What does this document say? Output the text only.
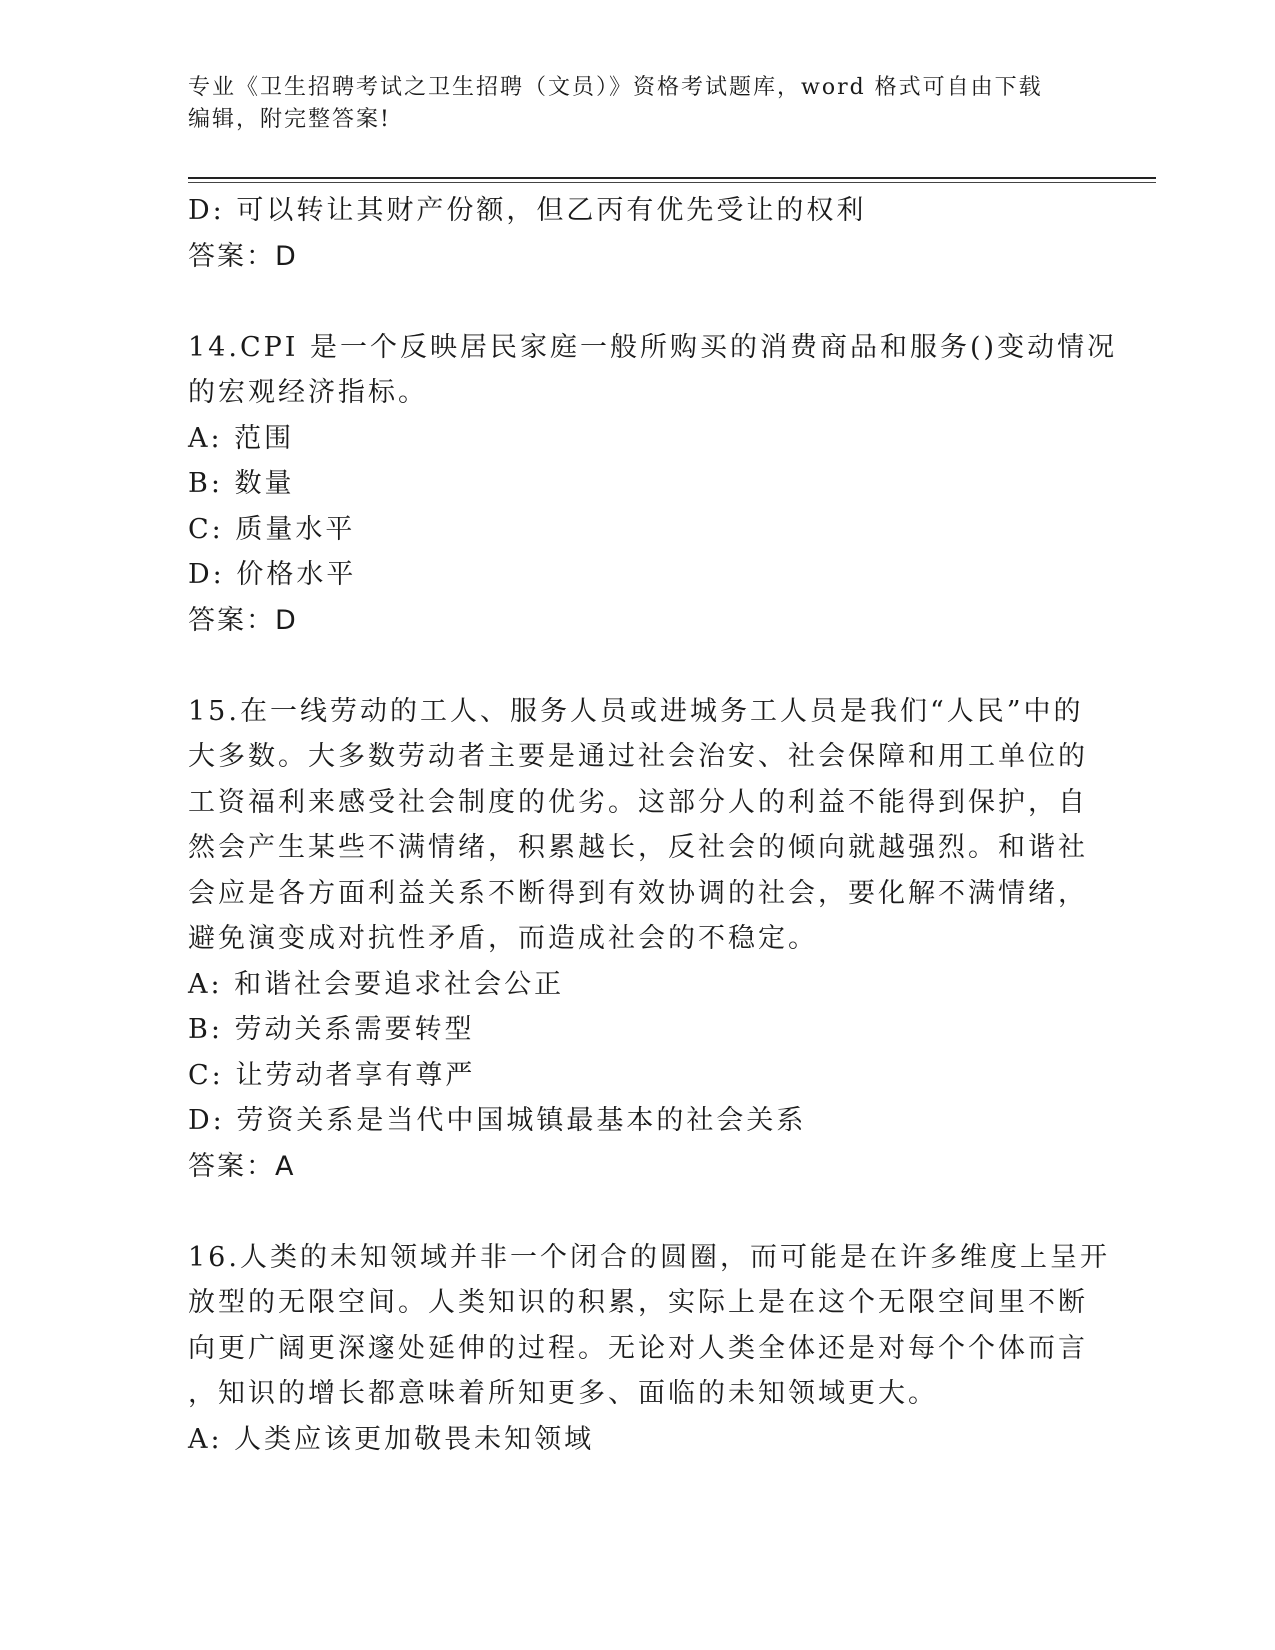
专业《卫生招聘考试之卫生招聘（文员）》资格考试题库，word 格式可自由下载
编辑，附完整答案!
D: 可以转让其财产份额，但乙丙有优先受让的权利
答案：D
14.CPI 是一个反映居民家庭一般所购买的消费商品和服务()变动情况
的宏观经济指标。
A: 范围
B: 数量
C: 质量水平
D: 价格水平
答案：D
15.在一线劳动的工人、服务人员或进城务工人员是我们“人民”中的
大多数。大多数劳动者主要是通过社会治安、社会保障和用工单位的
工资福利来感受社会制度的优劣。这部分人的利益不能得到保护，自
然会产生某些不满情绪，积累越长，反社会的倾向就越强烈。和谐社
会应是各方面利益关系不断得到有效协调的社会，要化解不满情绪，
避免演变成对抗性矛盾，而造成社会的不稳定。
A: 和谐社会要追求社会公正
B: 劳动关系需要转型
C: 让劳动者享有尊严
D: 劳资关系是当代中国城镇最基本的社会关系
答案：A
16.人类的未知领域并非一个闭合的圆圈，而可能是在许多维度上呈开
放型的无限空间。人类知识的积累，实际上是在这个无限空间里不断
向更广阔更深邃处延伸的过程。无论对人类全体还是对每个个体而言
，知识的增长都意味着所知更多、面临的未知领域更大。
A: 人类应该更加敬畏未知领域
